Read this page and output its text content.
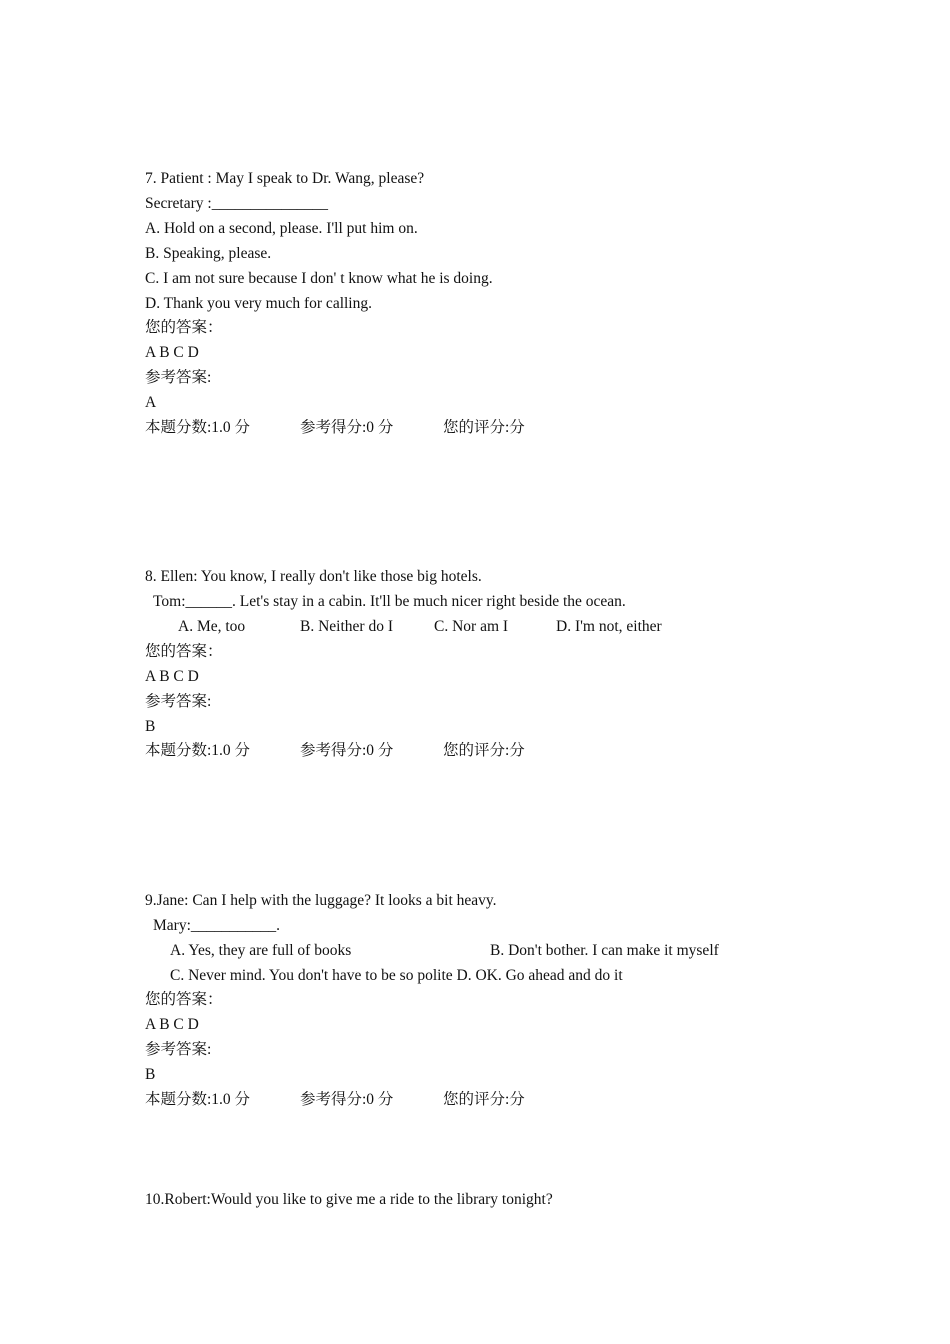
7. Patient : May I speak to Dr. Wang, please?
Secretary :_______________
A. Hold on a second, please. I'll put him on.
B. Speaking, please.
C. I am not sure because I don' t know what he is doing.
D. Thank you very much for calling.
您的答案：
A B C D
参考答案:
A

本题分数:1.0 分

	参考得分:0 分

	您的评分:分

8. Ellen: You know, I really don't like those big hotels.
Tom:______. Let's stay in a cabin. It'll be much nicer right beside the ocean.

A. Me, too

	B. Neither do I

	C. Nor am I

	D. I'm not, either

您的答案：
A B C D
参考答案:
B

本题分数:1.0 分

	参考得分:0 分

	您的评分:分

9.Jane: Can I help with the luggage? It looks a bit heavy.
Mary:___________.

A. Yes, they are full of books

	B. Don't bother. I can make it myself

C. Never mind. You don't have to be so polite D. OK. Go ahead and do it
您的答案：
A B C D
参考答案:
B

本题分数:1.0 分

	参考得分:0 分

	您的评分:分

10.Robert:Would you like to give me a ride to the library tonight?
